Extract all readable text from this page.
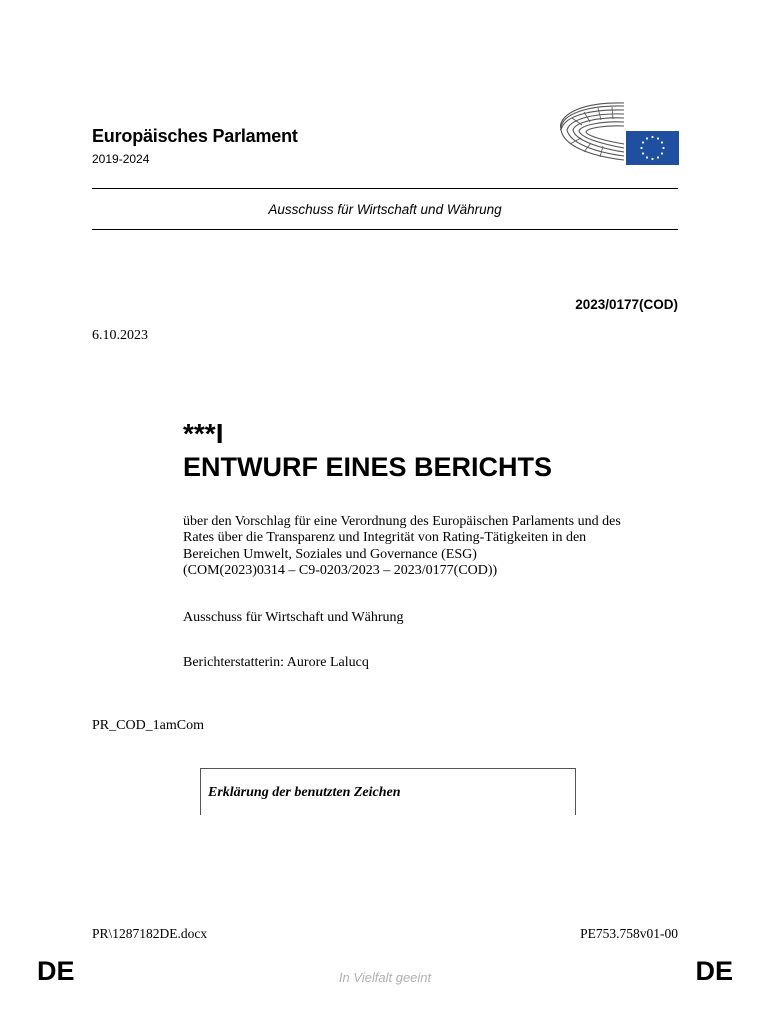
Europäisches Parlament
2019-2024
Ausschuss für Wirtschaft und Währung
2023/0177(COD)
6.10.2023
***I
ENTWURF EINES BERICHTS
über den Vorschlag für eine Verordnung des Europäischen Parlaments und des
Rates über die Transparenz und Integrität von Rating-Tätigkeiten in den
Bereichen Umwelt, Soziales und Governance (ESG)
(COM(2023)0314 – C9-0203/2023 – 2023/0177(COD))
Ausschuss für Wirtschaft und Währung
Berichterstatterin: Aurore Lalucq
PR_COD_1amCom
Erklärung der benutzten Zeichen
PR\1287182DE.docx	PE753.758v01-00
DE	In Vielfalt geeint	DE
